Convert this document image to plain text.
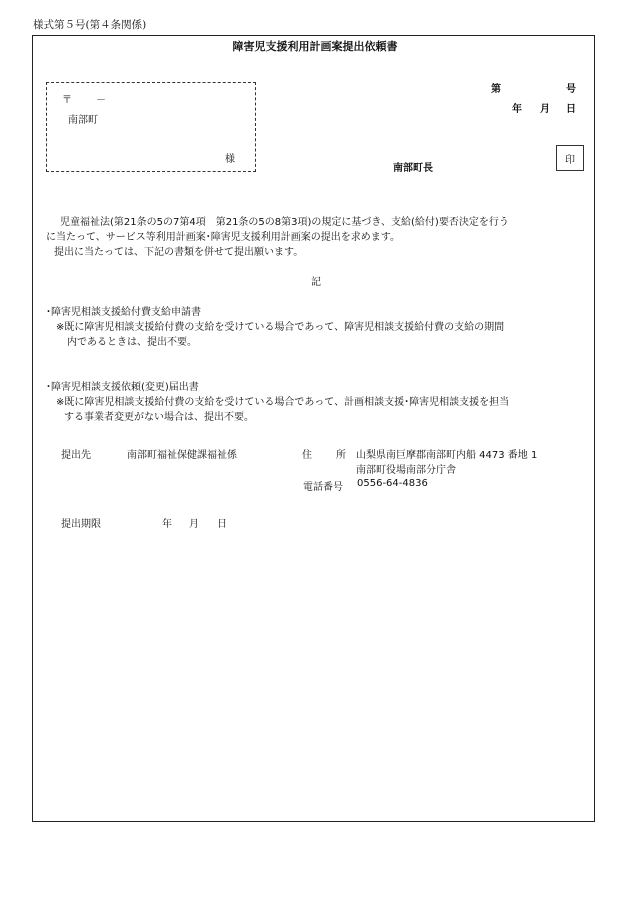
様式第５号(第４条関係)
障害児支援利用計画案提出依頼書
〒 －
南部町
様
第	号
年 月 日
南部町長
印
児童福祉法(第21条の5の7第4項　第21条の5の8第3項)の規定に基づき、支給(給付)要否決定を行う
に当たって、サービス等利用計画案･障害児支援利用計画案の提出を求めます。
提出に当たっては、下記の書類を併せて提出願います。
記
･障害児相談支援給付費支給申請書
※既に障害児相談支援給付費の支給を受けている場合であって、障害児相談支援給付費の支給の期間
内であるときは、提出不要。
･障害児相談支援依頼(変更)届出書
※既に障害児相談支援給付費の支給を受けている場合であって、計画相談支援･障害児相談支援を担当
する事業者変更がない場合は、提出不要。
提出先	南部町福祉保健課福祉係	住 所 山梨県南巨摩郡南部町内船 4473 番地 1
南部町役場南部分庁舎
電話番号 0556-64-4836
提出期限	年 月 日
